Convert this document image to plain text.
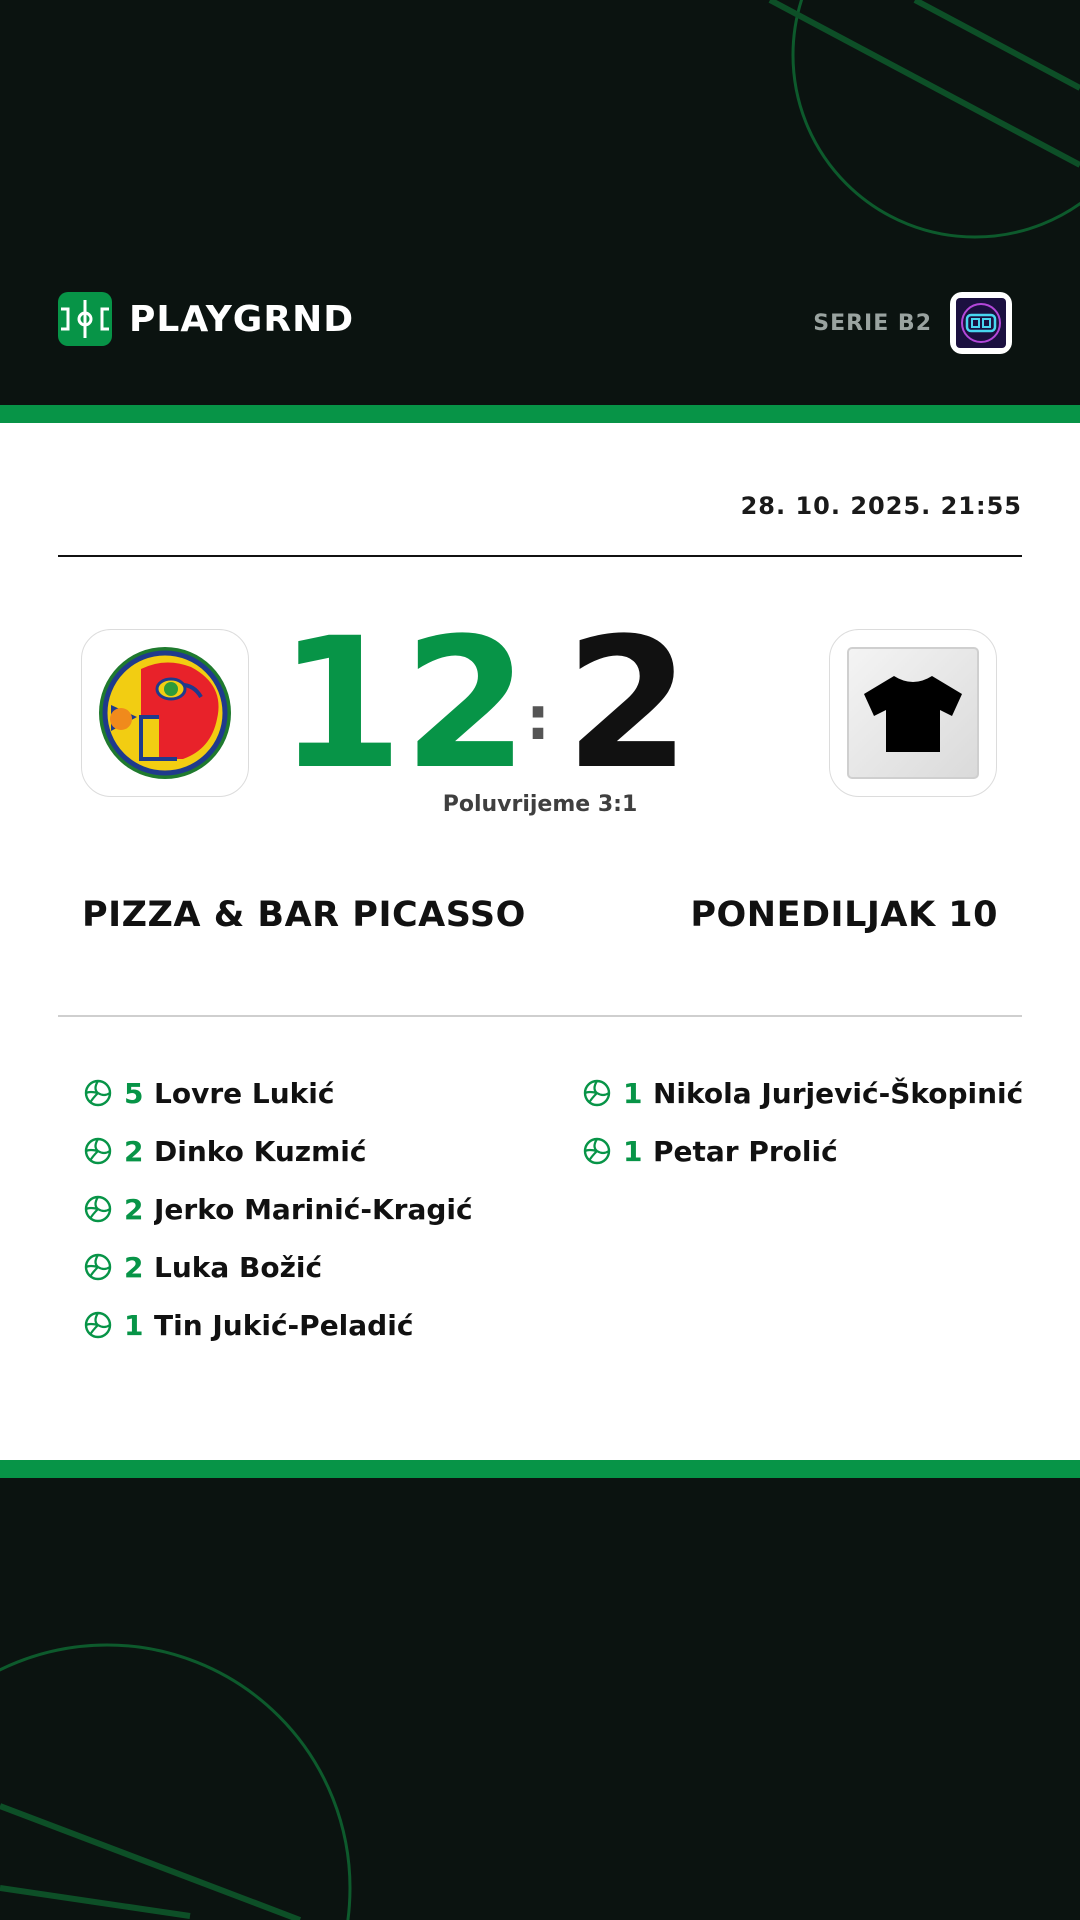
PLAYGRND	SERIE B2
28. 10. 2025. 21:55
12
: 2
Poluvrijeme 3:1
PIZZA & BAR PICASSO	PONEDILJAK 10
5 Lovre Lukić
2 Dinko Kuzmić
2 Jerko Marinić-Kragić
2 Luka Božić
1 Tin Jukić-Peladić
1 Nikola Jurjević-Škopinić
1 Petar Prolić
